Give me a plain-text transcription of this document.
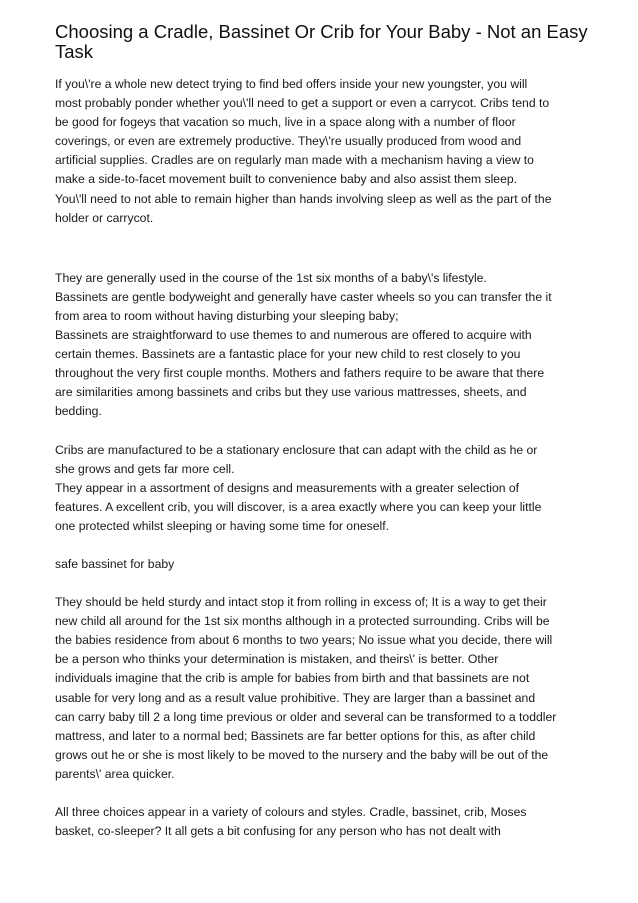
Choosing a Cradle, Bassinet Or Crib for Your Baby - Not an Easy Task
If you\'re a whole new detect trying to find bed offers inside your new youngster, you will
most probably ponder whether you\'ll need to get a support or even a carrycot. Cribs tend to
be good for fogeys that vacation so much, live in a space along with a number of floor
coverings, or even are extremely productive. They\'re usually produced from wood and
artificial supplies. Cradles are on regularly man made with a mechanism having a view to
make a side-to-facet movement built to convenience baby and also assist them sleep.
You\'ll need to not able to remain higher than hands involving sleep as well as the part of the
holder or carrycot.
They are generally used in the course of the 1st six months of a baby\'s lifestyle.
Bassinets are gentle bodyweight and generally have caster wheels so you can transfer the it
from area to room without having disturbing your sleeping baby;
Bassinets are straightforward to use themes to and numerous are offered to acquire with
certain themes. Bassinets are a fantastic place for your new child to rest closely to you
throughout the very first couple months. Mothers and fathers require to be aware that there
are similarities among bassinets and cribs but they use various mattresses, sheets, and
bedding.
Cribs are manufactured to be a stationary enclosure that can adapt with the child as he or
she grows and gets far more cell.
They appear in a assortment of designs and measurements with a greater selection of
features. A excellent crib, you will discover, is a area exactly where you can keep your little
one protected whilst sleeping or having some time for oneself.
safe bassinet for baby
They should be held sturdy and intact stop it from rolling in excess of; It is a way to get their
new child all around for the 1st six months although in a protected surrounding. Cribs will be
the babies residence from about 6 months to two years; No issue what you decide, there will
be a person who thinks your determination is mistaken, and theirs\' is better. Other
individuals imagine that the crib is ample for babies from birth and that bassinets are not
usable for very long and as a result value prohibitive. They are larger than a bassinet and
can carry baby till 2 a long time previous or older and several can be transformed to a toddler
mattress, and later to a normal bed; Bassinets are far better options for this, as after child
grows out he or she is most likely to be moved to the nursery and the baby will be out of the
parents\' area quicker.
All three choices appear in a variety of colours and styles. Cradle, bassinet, crib, Moses
basket, co-sleeper? It all gets a bit confusing for any person who has not dealt with
